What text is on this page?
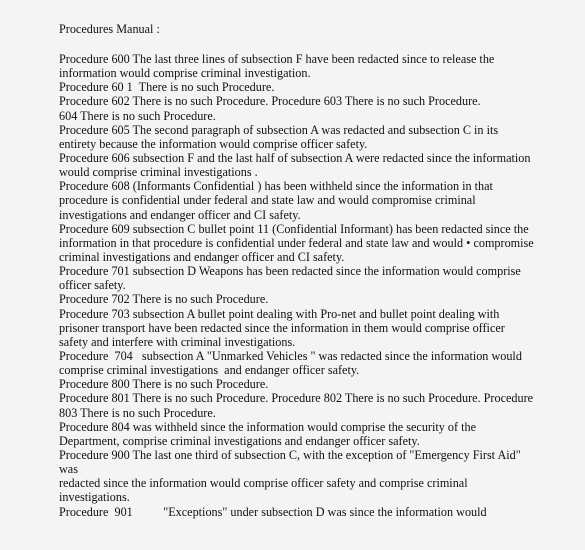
Procedures Manual :
Procedure 600 The last three lines of subsection F have been redacted since to release the
information would comprise criminal investigation.
Procedure 60 1  There is no such Procedure.
Procedure 602 There is no such Procedure. Procedure 603 There is no such Procedure.
604 There is no such Procedure.
Procedure 605 The second paragraph of subsection A was redacted and subsection C in its
entirety because the information would comprise officer safety.
Procedure 606 subsection F and the last half of subsection A were redacted since the information
would comprise criminal investigations .
Procedure 608 (Informants Confidential ) has been withheld since the information in that
procedure is confidential under federal and state law and would compromise criminal
investigations and endanger officer and CI safety.
Procedure 609 subsection C bullet point 11 (Confidential Informant) has been redacted since the
information in that procedure is confidential under federal and state law and would • compromise
criminal investigations and endanger officer and CI safety.
Procedure 701 subsection D Weapons has been redacted since the information would comprise
officer safety.
Procedure 702 There is no such Procedure.
Procedure 703 subsection A bullet point dealing with Pro-net and bullet point dealing with
prisoner transport have been redacted since the information in them would comprise officer
safety and interfere with criminal investigations.
Procedure  704   subsection A "Unmarked Vehicles " was redacted since the information would
comprise criminal investigations  and endanger officer safety.
Procedure 800 There is no such Procedure.
Procedure 801 There is no such Procedure. Procedure 802 There is no such Procedure. Procedure
803 There is no such Procedure.
Procedure 804 was withheld since the information would comprise the security of the
Department, comprise criminal investigations and endanger officer safety.
Procedure 900 The last one third of subsection C, with the exception of "Emergency First Aid"
was
redacted since the information would comprise officer safety and comprise criminal
investigations.
Procedure  901          "Exceptions" under subsection D was since the information would
